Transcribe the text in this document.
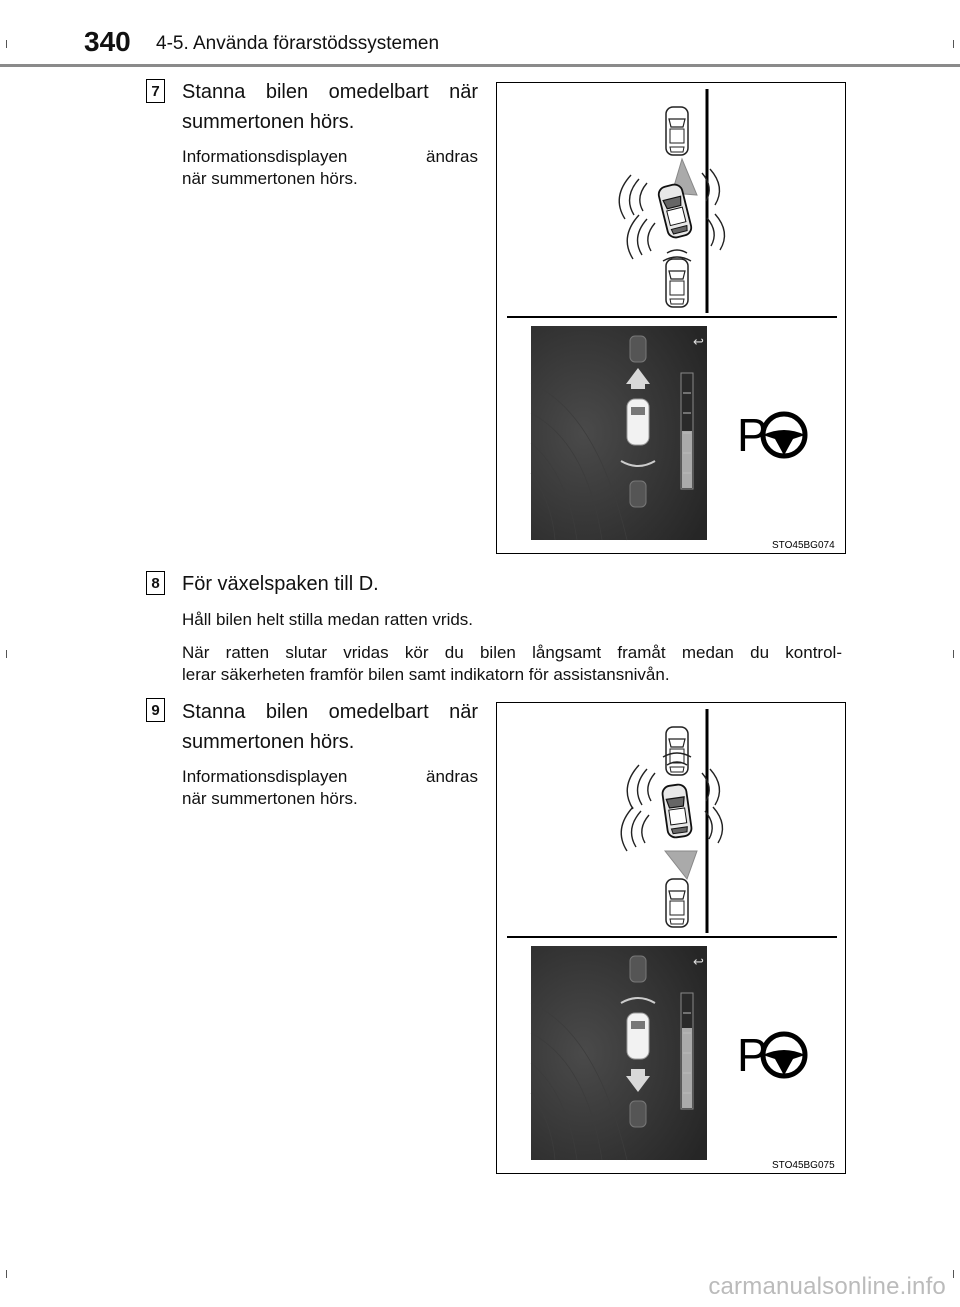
340 4-5. Använda förarstödssystemen
7 Stanna bilen omedelbart när
summertonen hörs.
Informationsdisplayen ändras
när summertonen hörs.
↩
P
STO45BG074
8 För växelspaken till D.
Håll bilen helt stilla medan ratten vrids.
När ratten slutar vridas kör du bilen långsamt framåt medan du kontrol-
lerar säkerheten framför bilen samt indikatorn för assistansnivån.
9 Stanna bilen omedelbart när
summertonen hörs.
Informationsdisplayen ändras
när summertonen hörs.
↩
P
STO45BG075
carmanualsonline.info
